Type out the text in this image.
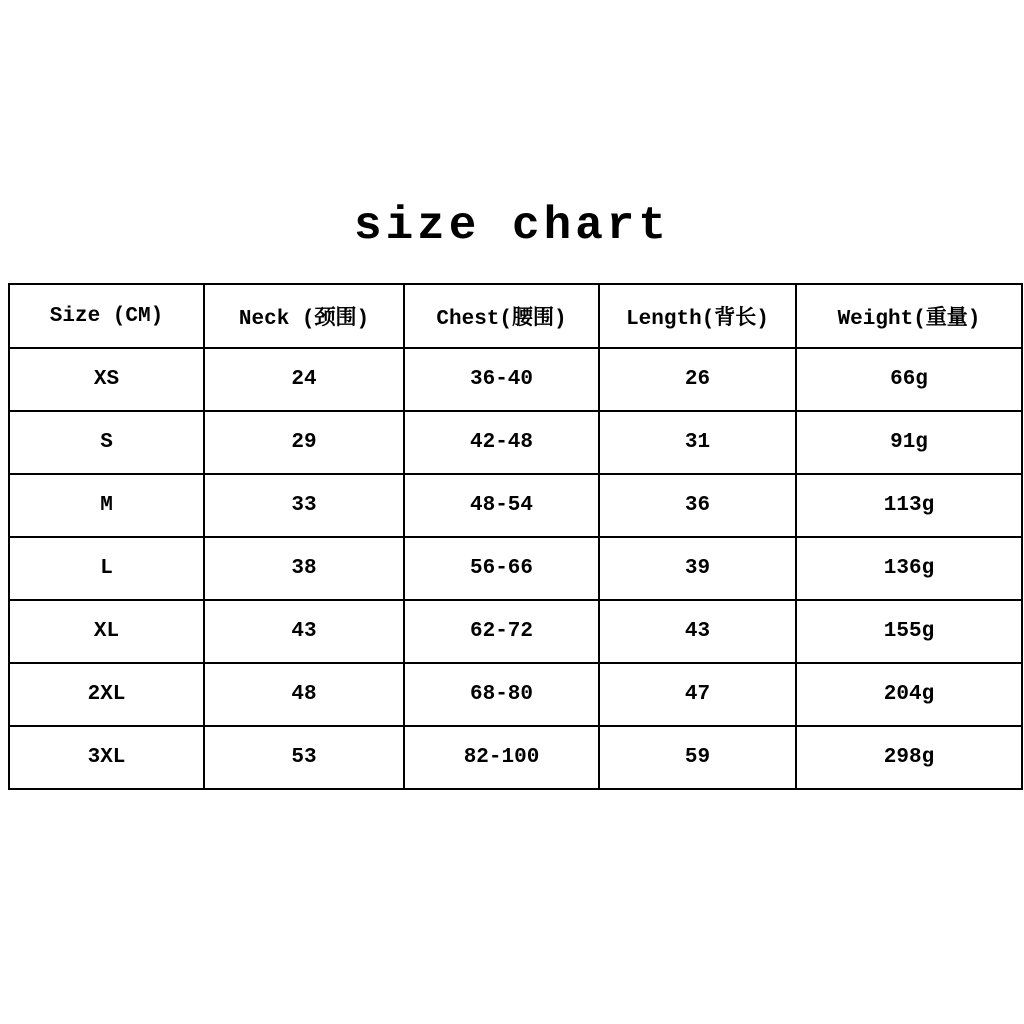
size chart
Size (CM)	Neck (颈围)	Chest(腰围)	Length(背长)	Weight(重量)
XS	24	36-40	26	66g
S	29	42-48	31	91g
M	33	48-54	36	113g
L	38	56-66	39	136g
XL	43	62-72	43	155g
2XL	48	68-80	47	204g
3XL	53	82-100	59	298g
